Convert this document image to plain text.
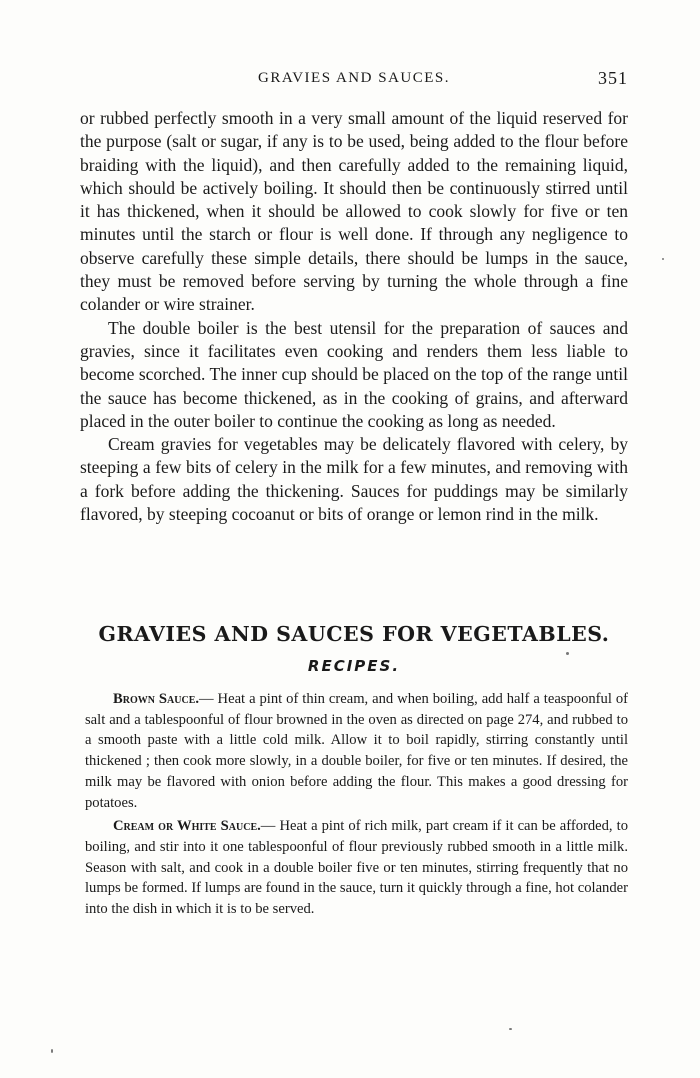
GRAVIES AND SAUCES.	351

or rubbed perfectly smooth in a very small amount of the liquid reserved for the purpose (salt or sugar, if any is to be used, being added to the flour before braiding with the liquid), and then carefully added to the remaining liquid, which should be actively boiling. It should then be continuously stirred until it has thickened, when it should be allowed to cook slowly for five or ten minutes until the starch or flour is well done. If through any negligence to observe carefully these simple details, there should be lumps in the sauce, they must be removed before serving by turning the whole through a fine colander or wire strainer.

The double boiler is the best utensil for the preparation of sauces and gravies, since it facilitates even cooking and renders them less liable to become scorched. The inner cup should be placed on the top of the range until the sauce has become thickened, as in the cooking of grains, and afterward placed in the outer boiler to continue the cooking as long as needed.

Cream gravies for vegetables may be delicately flavored with celery, by steeping a few bits of celery in the milk for a few minutes, and removing with a fork before adding the thickening. Sauces for puddings may be similarly flavored, by steeping cocoanut or bits of orange or lemon rind in the milk.

GRAVIES AND SAUCES FOR VEGETABLES.
RECIPES.

Brown Sauce.— Heat a pint of thin cream, and when boiling, add half a teaspoonful of salt and a tablespoonful of flour browned in the oven as directed on page 274, and rubbed to a smooth paste with a little cold milk. Allow it to boil rapidly, stirring constantly until thickened ; then cook more slowly, in a double boiler, for five or ten minutes. If desired, the milk may be flavored with onion before adding the flour. This makes a good dressing for potatoes.

Cream or White Sauce.— Heat a pint of rich milk, part cream if it can be afforded, to boiling, and stir into it one tablespoonful of flour previously rubbed smooth in a little milk. Season with salt, and cook in a double boiler five or ten minutes, stirring frequently that no lumps be formed. If lumps are found in the sauce, turn it quickly through a fine, hot colander into the dish in which it is to be served.
